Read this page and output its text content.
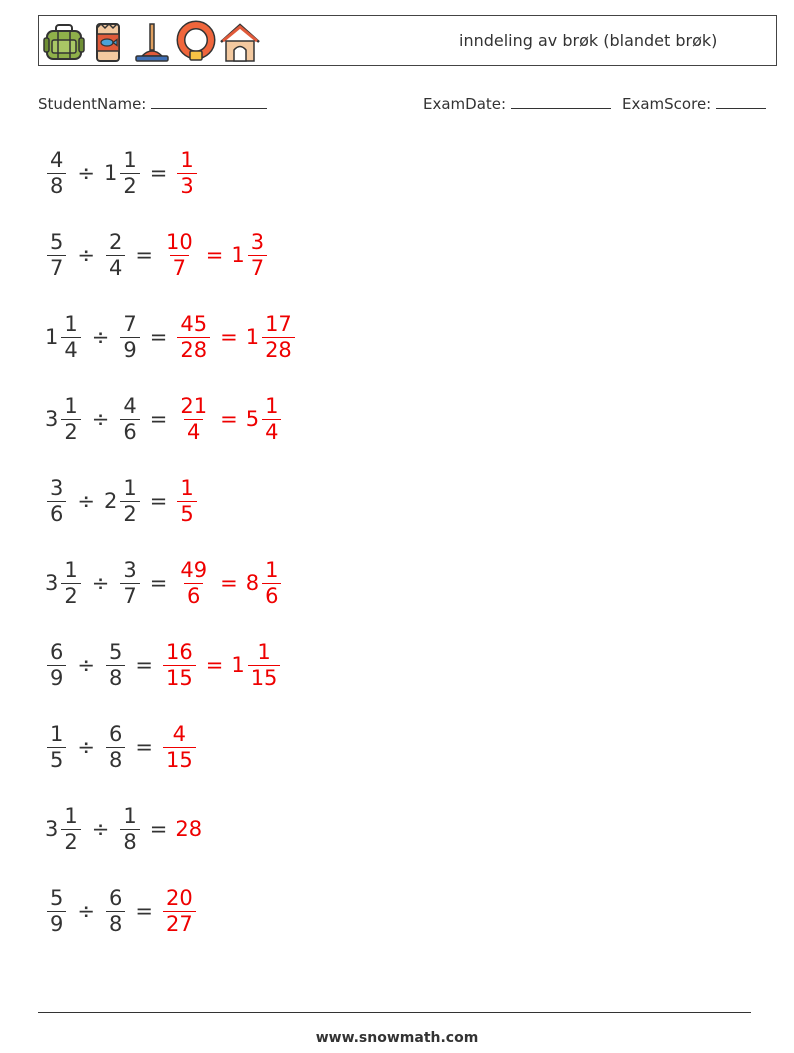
inndeling av brøk (blandet brøk)
StudentName:	ExamDate:	ExamScore:
$\frac{4}{8} \div 1 \frac{1}{2} = \frac{1}{3}$
$\frac{5}{7} \div \frac{2}{4} = \frac{10}{7} = 1 \frac{3}{7}$
$1 \frac{1}{4} \div \frac{7}{9} = \frac{45}{28} = 1 \frac{17}{28}$
$3 \frac{1}{2} \div \frac{4}{6} = \frac{21}{4} = 5 \frac{1}{4}$
$\frac{3}{6} \div 2 \frac{1}{2} = \frac{1}{5}$
$3 \frac{1}{2} \div \frac{3}{7} = \frac{49}{6} = 8 \frac{1}{6}$
$\frac{6}{9} \div \frac{5}{8} = \frac{16}{15} = 1 \frac{1}{15}$
$\frac{1}{5} \div \frac{6}{8} = \frac{4}{15}$
$3 \frac{1}{2} \div \frac{1}{8} = 28$
$\frac{5}{9} \div \frac{6}{8} = \frac{20}{27}$
www.snowmath.com
